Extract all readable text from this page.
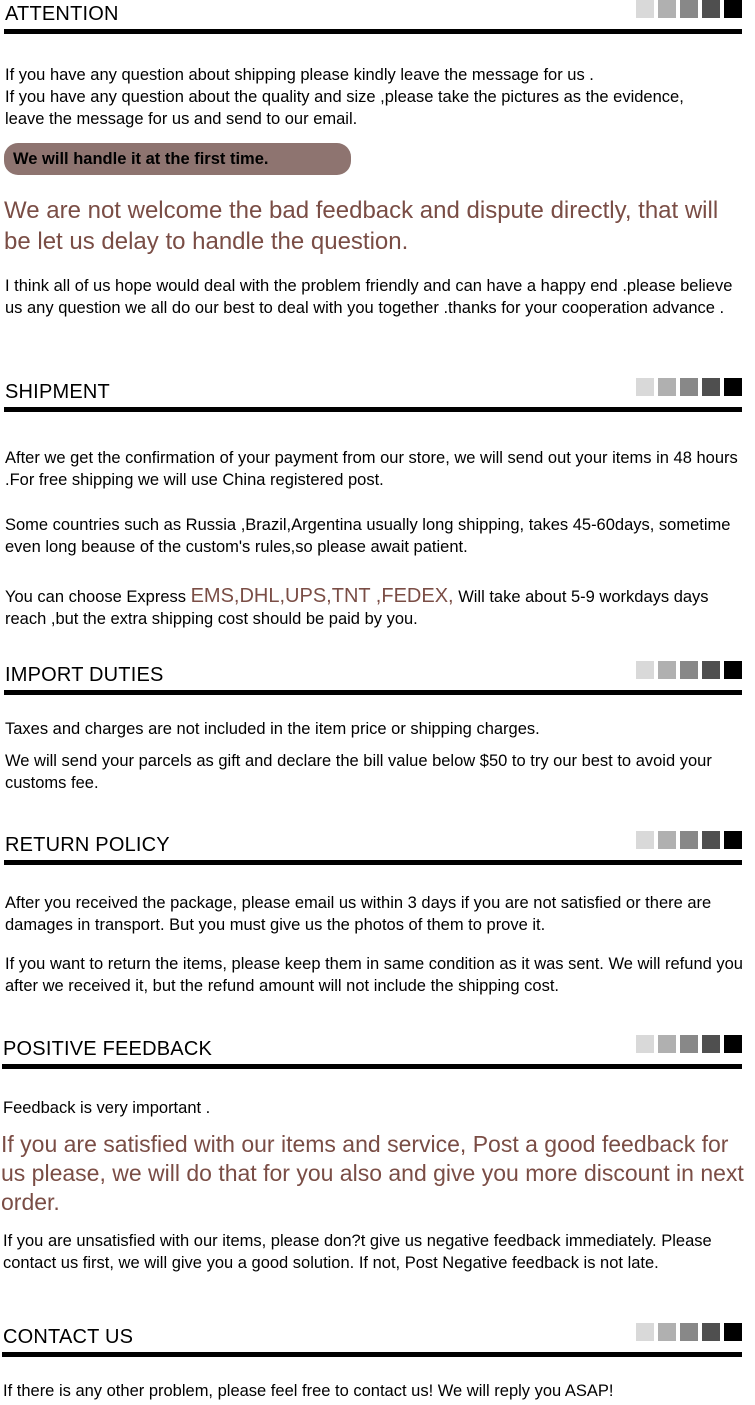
ATTENTION
If you have any question about shipping please kindly leave the message for us .
If you have any question about the quality and size ,please take the pictures as the evidence,
leave the message for us and send to our email.
We will handle it at the first time.
We are not welcome the bad feedback and dispute directly, that will be let us delay to handle the question.
I think all of us hope would deal with the problem friendly and can have a happy end .please believe us any question we all do our best to deal with you together .thanks for your cooperation advance .
SHIPMENT
After we get the confirmation of your payment from our store, we will send out your items in 48 hours .For free shipping we will use China registered post.
Some countries such as Russia ,Brazil,Argentina usually long shipping, takes 45-60days, sometime even long beause of the custom's rules,so please await patient.
You can choose Express EMS,DHL,UPS,TNT ,FEDEX, Will take about 5-9 workdays days reach ,but the extra shipping cost should be paid by you.
IMPORT DUTIES
Taxes and charges are not included in the item price or shipping charges.
We will send your parcels as gift and declare the bill value below $50 to try our best to avoid your customs fee.
RETURN POLICY
After you received the package, please email us within 3 days if you are not satisfied or there are damages in transport. But you must give us the photos of them to prove it.
If you want to return the items, please keep them in same condition as it was sent. We will refund you after we received it, but the refund amount will not include the shipping cost.
POSITIVE FEEDBACK
Feedback is very important .
If you are satisfied with our items and service, Post a good feedback for us please, we will do that for you also and give you more discount in next order.
If you are unsatisfied with our items, please don?t give us negative feedback immediately. Please contact us first, we will give you a good solution. If not, Post Negative feedback is not late.
CONTACT US
If there is any other problem, please feel free to contact us! We will reply you ASAP!
